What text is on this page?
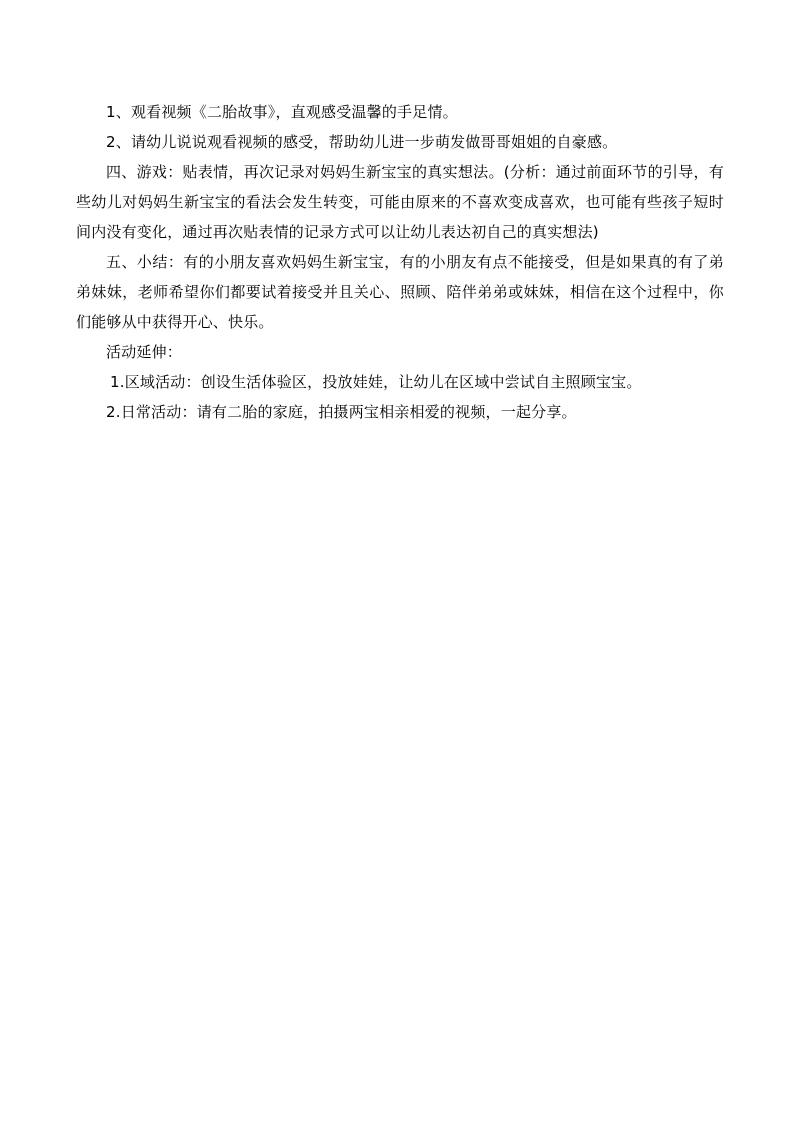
1、观看视频《二胎故事》，直观感受温馨的手足情。

2、请幼儿说说观看视频的感受，帮助幼儿进一步萌发做哥哥姐姐的自豪感。

四、游戏：贴表情，再次记录对妈妈生新宝宝的真实想法。(分析：通过前面环节的引导，有些幼儿对妈妈生新宝宝的看法会发生转变，可能由原来的不喜欢变成喜欢，也可能有些孩子短时间内没有变化，通过再次贴表情的记录方式可以让幼儿表达初自己的真实想法)

五、小结：有的小朋友喜欢妈妈生新宝宝，有的小朋友有点不能接受，但是如果真的有了弟弟妹妹，老师希望你们都要试着接受并且关心、照顾、陪伴弟弟或妹妹，相信在这个过程中，你们能够从中获得开心、快乐。

活动延伸：

1.区域活动：创设生活体验区，投放娃娃，让幼儿在区域中尝试自主照顾宝宝。

2.日常活动：请有二胎的家庭，拍摄两宝相亲相爱的视频，一起分享。
